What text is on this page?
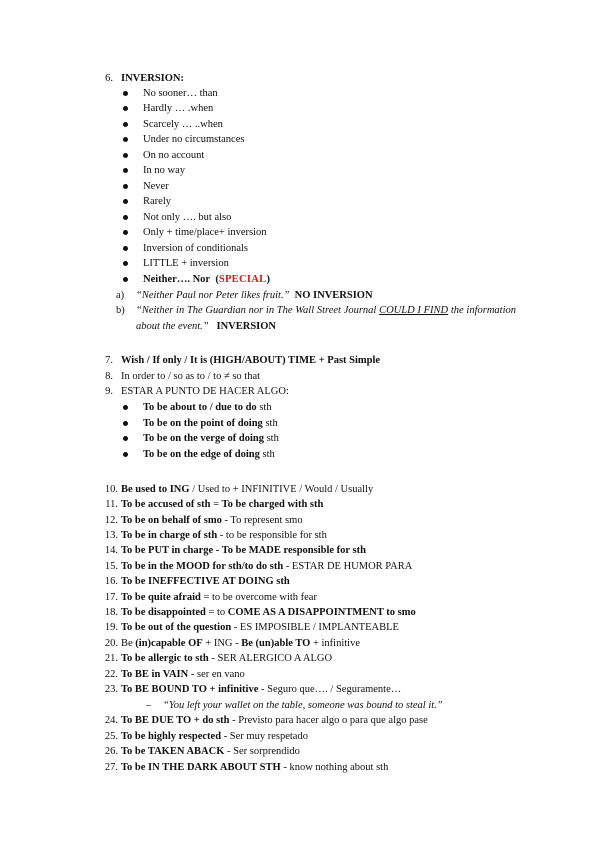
6. INVERSION:
No sooner… than
Hardly … .when
Scarcely … ..when
Under no circumstances
On no account
In no way
Never
Rarely
Not only …. but also
Only + time/place+ inversion
Inversion of conditionals
LITTLE + inversion
Neither…. Nor (SPECIAL)
a) “Neither Paul nor Peter likes fruit.” NO INVERSION
b) “Neither in The Guardian nor in The Wall Street Journal COULD I FIND the information about the event.” INVERSION
7. Wish / If only / It is (HIGH/ABOUT) TIME + Past Simple
8. In order to / so as to / to ≠ so that
9. ESTAR A PUNTO DE HACER ALGO:
To be about to / due to do sth
To be on the point of doing sth
To be on the verge of doing sth
To be on the edge of doing sth
10. Be used to ING / Used to + INFINITIVE / Would / Usually
11. To be accused of sth = To be charged with sth
12. To be on behalf of smo - To represent smo
13. To be in charge of sth - to be responsible for sth
14. To be PUT in charge - To be MADE responsible for sth
15. To be in the MOOD for sth/to do sth - ESTAR DE HUMOR PARA
16. To be INEFFECTIVE AT DOING sth
17. To be quite afraid = to be overcome with fear
18. To be disappointed = to COME AS A DISAPPOINTMENT to smo
19. To be out of the question - ES IMPOSIBLE / IMPLANTEABLE
20. Be (in)capable OF + ING - Be (un)able TO + infinitive
21. To be allergic to sth - SER ALERGICO A ALGO
22. To BE in VAIN - ser en vano
23. To BE BOUND TO + infinitive - Seguro que…. / Seguramente…
– “You left your wallet on the table, someone was bound to steal it.”
24. To BE DUE TO + do sth - Previsto para hacer algo o para que algo pase
25. To be highly respected - Ser muy respetado
26. To be TAKEN ABACK - Ser sorprendido
27. To be IN THE DARK ABOUT STH - know nothing about sth
